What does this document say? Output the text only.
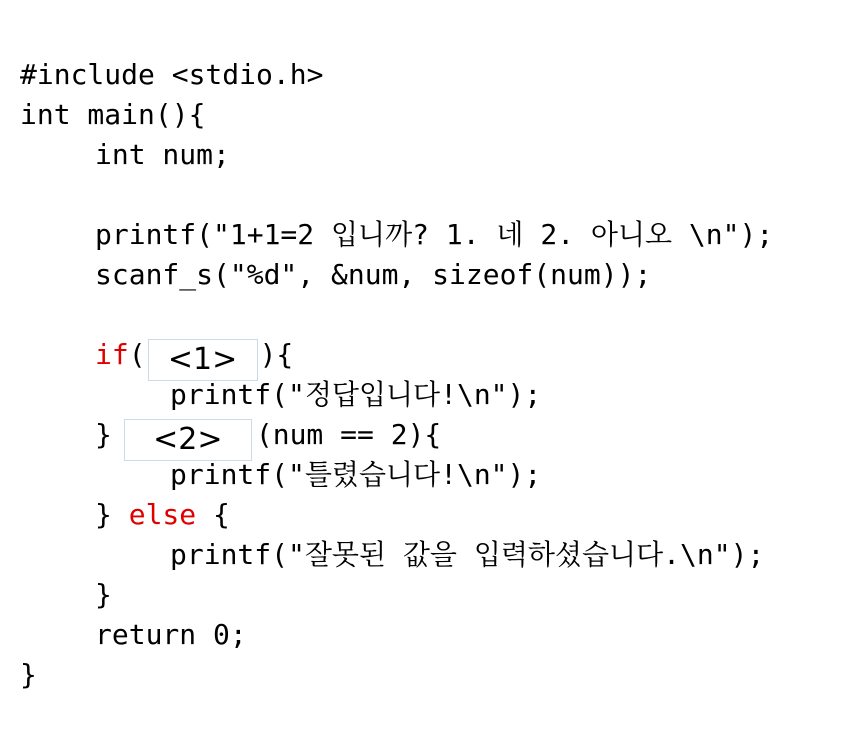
#include <stdio.h>
int main(){
int num;
printf("1+1=2 입니까? 1. 네 2. 아니오 \n");
scanf_s("%d", &num, sizeof(num));
if( <1> ){
printf("정답입니다!\n");
} <2> (num == 2){
printf("틀렸습니다!\n");
} else {
printf("잘못된 값을 입력하셨습니다.\n");
}
return 0;
}
